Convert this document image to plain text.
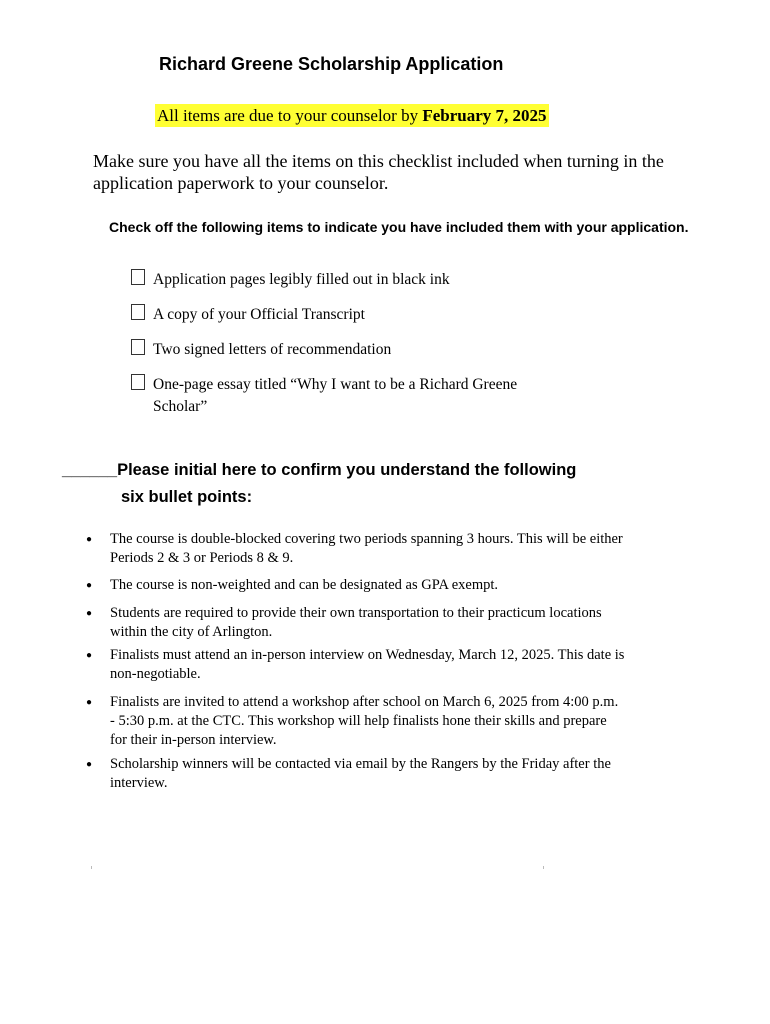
Richard Greene Scholarship Application
All items are due to your counselor by February 7, 2025
Make sure you have all the items on this checklist included when turning in the application paperwork to your counselor.
Check off the following items to indicate you have included them with your application.
Application pages legibly filled out in black ink
A copy of your Official Transcript
Two signed letters of recommendation
One-page essay titled “Why I want to be a Richard Greene Scholar”
______Please initial here to confirm you understand the following
six bullet points:
● The course is double-blocked covering two periods spanning 3 hours. This will be either Periods 2 & 3 or Periods 8 & 9.
● The course is non-weighted and can be designated as GPA exempt.
● Students are required to provide their own transportation to their practicum locations within the city of Arlington.
● Finalists must attend an in-person interview on Wednesday, March 12, 2025. This date is non-negotiable.
● Finalists are invited to attend a workshop after school on March 6, 2025 from 4:00 p.m. - 5:30 p.m. at the CTC. This workshop will help finalists hone their skills and prepare for their in-person interview.
● Scholarship winners will be contacted via email by the Rangers by the Friday after the interview.
